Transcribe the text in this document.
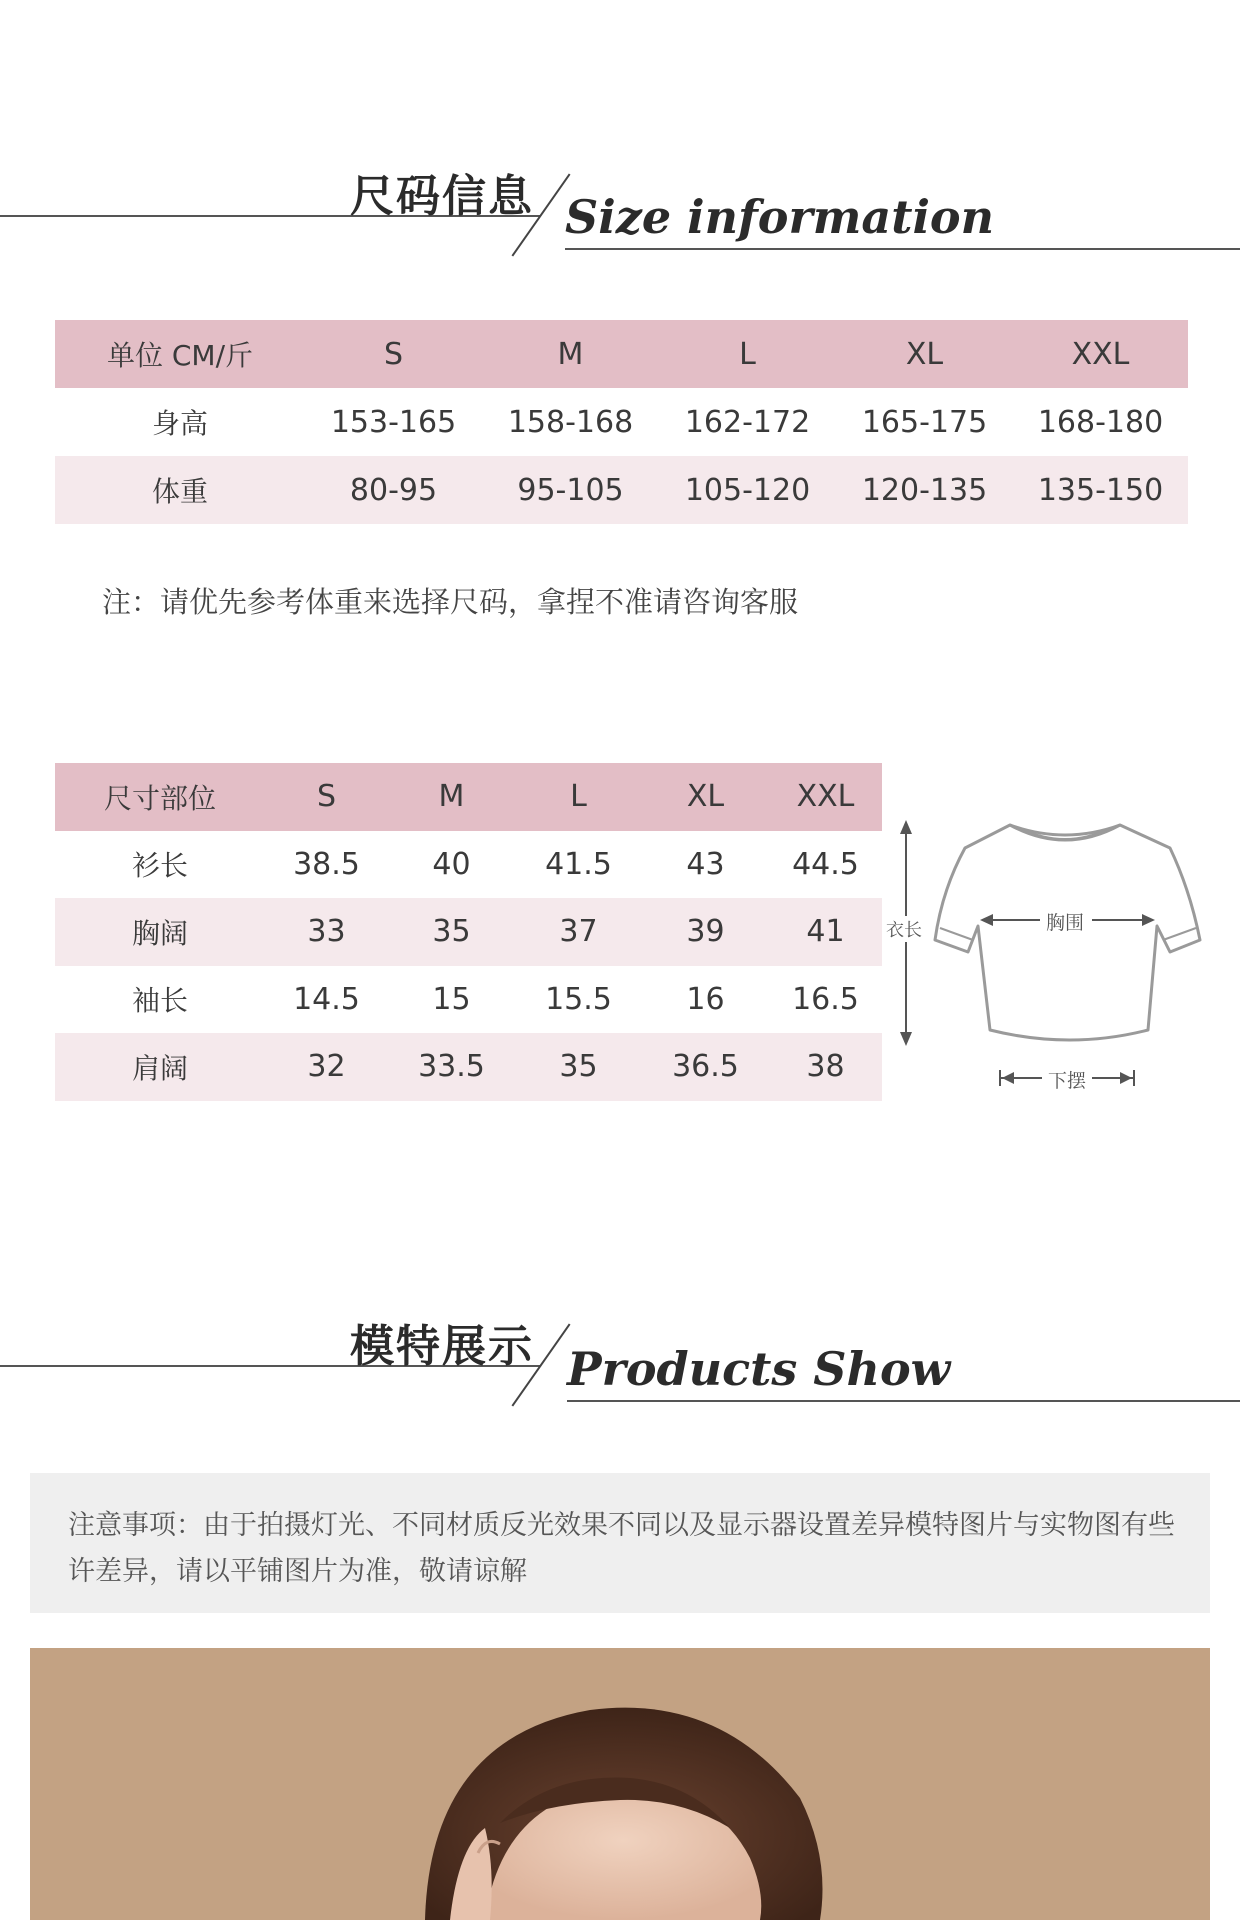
尺码信息 Size information
单位 CM/斤	S	M	L	XL	XXL
身高	153-165	158-168	162-172	165-175	168-180
体重	80-95	95-105	105-120	120-135	135-150
注：请优先参考体重来选择尺码，拿捏不准请咨询客服
尺寸部位	S	M	L	XL	XXL
衫长	38.5	40	41.5	43	44.5
胸阔	33	35	37	39	41
袖长	14.5	15	15.5	16	16.5
肩阔	32	33.5	35	36.5	38
衣长	胸围
下摆
模特展示 Products Show
注意事项：由于拍摄灯光、不同材质反光效果不同以及显示器设置差异模特图片与实物图有些许差异，请以平铺图片为准，敬请谅解
